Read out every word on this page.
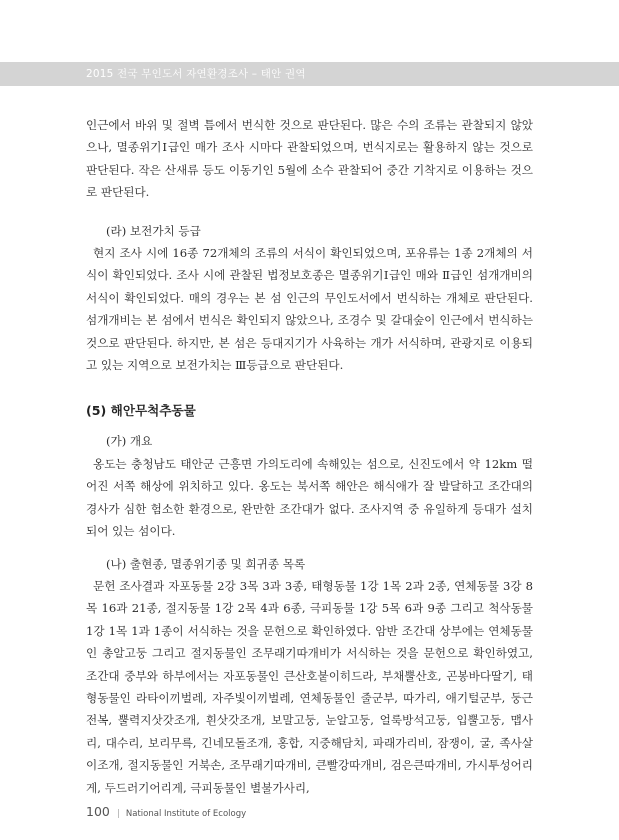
2015 전국 무인도서 자연환경조사 – 태안 권역

인근에서 바위 및 절벽 틈에서 번식한 것으로 판단된다. 많은 수의 조류는 관찰되지 않았으나, 멸종위기Ⅰ급인 매가 조사 시마다 관찰되었으며, 번식지로는 활용하지 않는 것으로 판단된다. 작은 산새류 등도 이동기인 5월에 소수 관찰되어 중간 기착지로 이용하는 것으로 판단된다.

(라) 보전가치 등급

현지 조사 시에 16종 72개체의 조류의 서식이 확인되었으며, 포유류는 1종 2개체의 서식이 확인되었다. 조사 시에 관찰된 법정보호종은 멸종위기Ⅰ급인 매와 Ⅱ급인 섬개개비의 서식이 확인되었다. 매의 경우는 본 섬 인근의 무인도서에서 번식하는 개체로 판단된다. 섬개개비는 본 섬에서 번식은 확인되지 않았으나, 조경수 및 갈대숲이 인근에서 번식하는 것으로 판단된다. 하지만, 본 섬은 등대지기가 사육하는 개가 서식하며, 관광지로 이용되고 있는 지역으로 보전가치는 Ⅲ등급으로 판단된다.

(5) 해안무척추동물

(가) 개요

옹도는 충청남도 태안군 근흥면 가의도리에 속해있는 섬으로, 신진도에서 약 12km 떨어진 서쪽 해상에 위치하고 있다. 옹도는 북서쪽 해안은 해식애가 잘 발달하고 조간대의 경사가 심한 험소한 환경으로, 완만한 조간대가 없다. 조사지역 중 유일하게 등대가 설치되어 있는 섬이다.

(나) 출현종, 멸종위기종 및 희귀종 목록

문헌 조사결과 자포동물 2강 3목 3과 3종, 태형동물 1강 1목 2과 2종, 연체동물 3강 8목 16과 21종, 절지동물 1강 2목 4과 6종, 극피동물 1강 5목 6과 9종 그리고 척삭동물 1강 1목 1과 1종이 서식하는 것을 문헌으로 확인하였다. 암반 조간대 상부에는 연체동물인 총알고둥 그리고 절지동물인 조무래기따개비가 서식하는 것을 문헌으로 확인하였고, 조간대 중부와 하부에서는 자포동물인 큰산호붙이히드라, 부채뿔산호, 곤봉바다딸기, 태형동물인 라타이끼벌레, 자주빛이끼벌레, 연체동물인 줄군부, 따가리, 애기털군부, 둥근전복, 뿔력지삿갓조개, 흰삿갓조개, 보말고둥, 눈알고둥, 얼룩방석고둥, 입뿔고둥, 맵사리, 대수리, 보리무륵, 긴네모돌조개, 홍합, 지중해담치, 파래가리비, 잠쟁이, 굴, 족사살이조개, 절지동물인 거북손, 조무래기따개비, 큰빨강따개비, 검은큰따개비, 가시투성어리게, 두드러기어리게, 극피동물인 별불가사리,

100 | National Institute of Ecology
